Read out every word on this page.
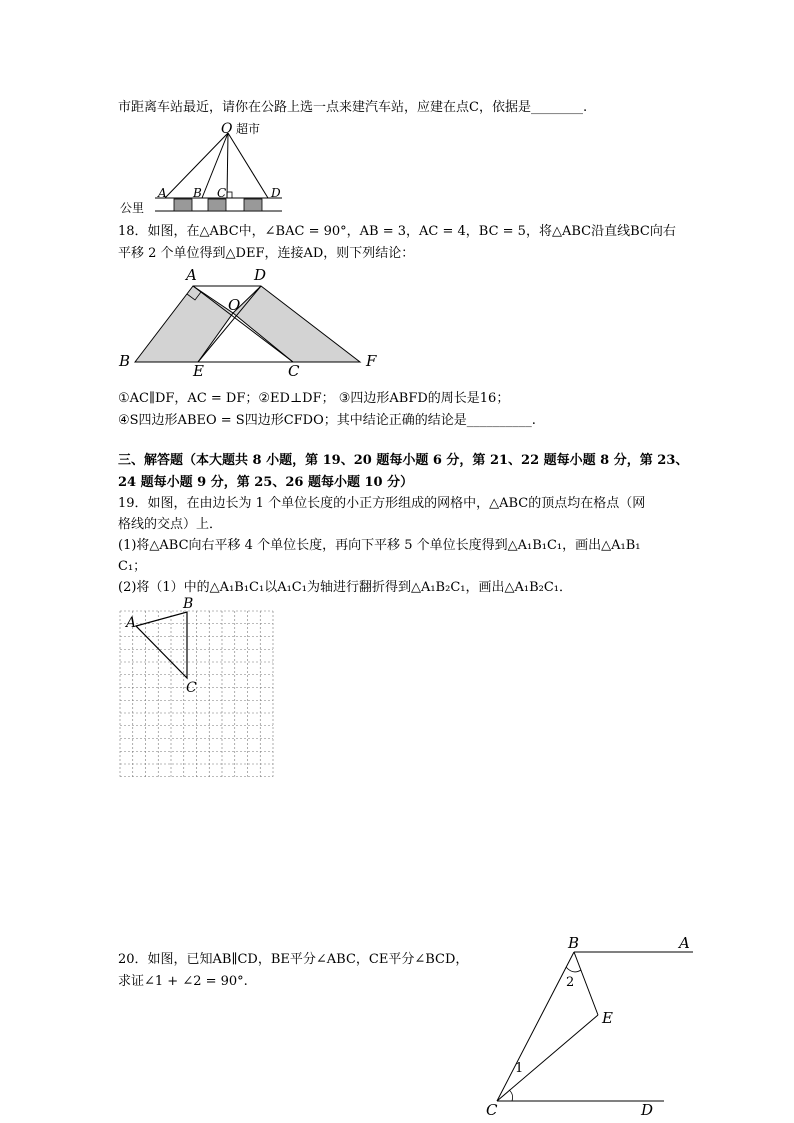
市距离车站最近，请你在公路上选一点来建汽车站，应建在点C，依据是________.
O 超市
公里
A B C	D
18．如图，在△ABC中，∠BAC = 90°，AB = 3，AC = 4，BC = 5，将△ABC沿直线BC向右
平移 2 个单位得到△DEF，连接AD，则下列结论：
A	D
O
B
E	C
F
①AC∥DF，AC = DF；②ED⊥DF； ③四边形ABFD的周长是16；
④S四边形ABEO = S四边形CFDO；其中结论正确的结论是__________.
三、解答题（本大题共 8 小题，第 19、20 题每小题 6 分，第 21、22 题每小题 8 分，第 23、
24 题每小题 9 分，第 25、26 题每小题 10 分）
19．如图，在由边长为 1 个单位长度的小正方形组成的网格中，△ABC的顶点均在格点（网
格线的交点）上．
(1)将△ABC向右平移 4 个单位长度，再向下平移 5 个单位长度得到△A₁B₁C₁，画出△A₁B₁
C₁；
(2)将（1）中的△A₁B₁C₁以A₁C₁为轴进行翻折得到△A₁B₂C₁，画出△A₁B₂C₁．
A
B
C
20．如图，已知AB∥CD，BE平分∠ABC，CE平分∠BCD，
求证∠1 + ∠2 = 90°.
B	A
E
C	D
1
2
